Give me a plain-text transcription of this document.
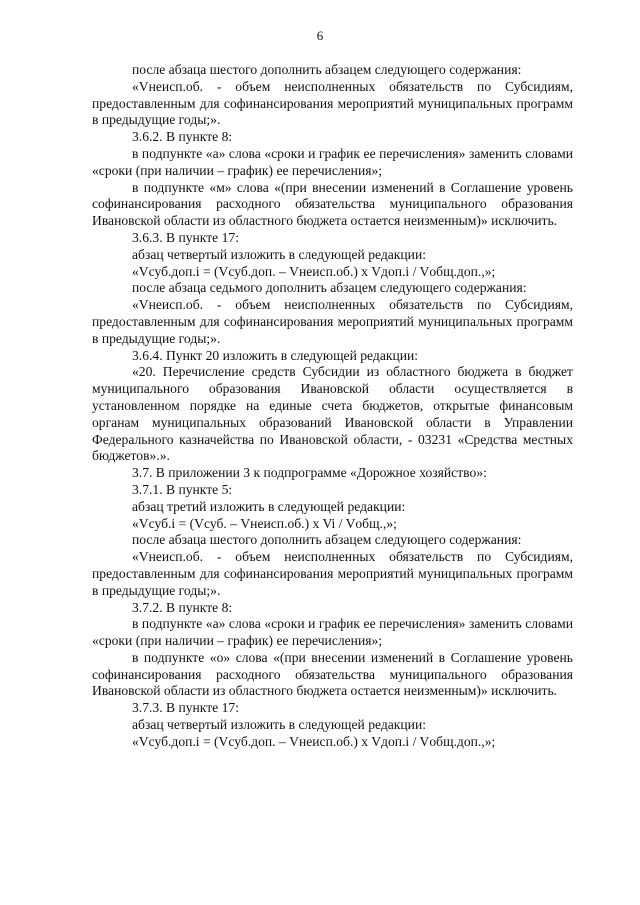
6

после абзаца шестого дополнить абзацем следующего содержания:

«Vнеисп.об. - объем неисполненных обязательств по Субсидиям, предоставленным для софинансирования мероприятий муниципальных программ в предыдущие годы;».

3.6.2. В пункте 8:

в подпункте «а» слова «сроки и график ее перечисления» заменить словами «сроки (при наличии – график) ее перечисления»;

в подпункте «м» слова «(при внесении изменений в Соглашение уровень софинансирования расходного обязательства муниципального образования Ивановской области из областного бюджета остается неизменным)» исключить.

3.6.3. В пункте 17:

абзац четвертый изложить в следующей редакции:

«Vсуб.доп.i = (Vсуб.доп. – Vнеисп.об.) x Vдоп.i / Vобщ.доп.,»;

после абзаца седьмого дополнить абзацем следующего содержания:

«Vнеисп.об. - объем неисполненных обязательств по Субсидиям, предоставленным для софинансирования мероприятий муниципальных программ в предыдущие годы;».

3.6.4. Пункт 20 изложить в следующей редакции:

«20. Перечисление средств Субсидии из областного бюджета в бюджет муниципального образования Ивановской области осуществляется в установленном порядке на единые счета бюджетов, открытые финансовым органам муниципальных образований Ивановской области в Управлении Федерального казначейства по Ивановской области, - 03231 «Средства местных бюджетов».».

3.7. В приложении 3 к подпрограмме «Дорожное хозяйство»:

3.7.1. В пункте 5:

абзац третий изложить в следующей редакции:

«Vсуб.i = (Vсуб. – Vнеисп.об.) x Vi / Vобщ.,»;

после абзаца шестого дополнить абзацем следующего содержания:

«Vнеисп.об. - объем неисполненных обязательств по Субсидиям, предоставленным для софинансирования мероприятий муниципальных программ в предыдущие годы;».

3.7.2. В пункте 8:

в подпункте «а» слова «сроки и график ее перечисления» заменить словами «сроки (при наличии – график) ее перечисления»;

в подпункте «о» слова «(при внесении изменений в Соглашение уровень софинансирования расходного обязательства муниципального образования Ивановской области из областного бюджета остается неизменным)» исключить.

3.7.3. В пункте 17:

абзац четвертый изложить в следующей редакции:

«Vсуб.доп.i = (Vсуб.доп. – Vнеисп.об.) x Vдоп.i / Vобщ.доп.,»;
